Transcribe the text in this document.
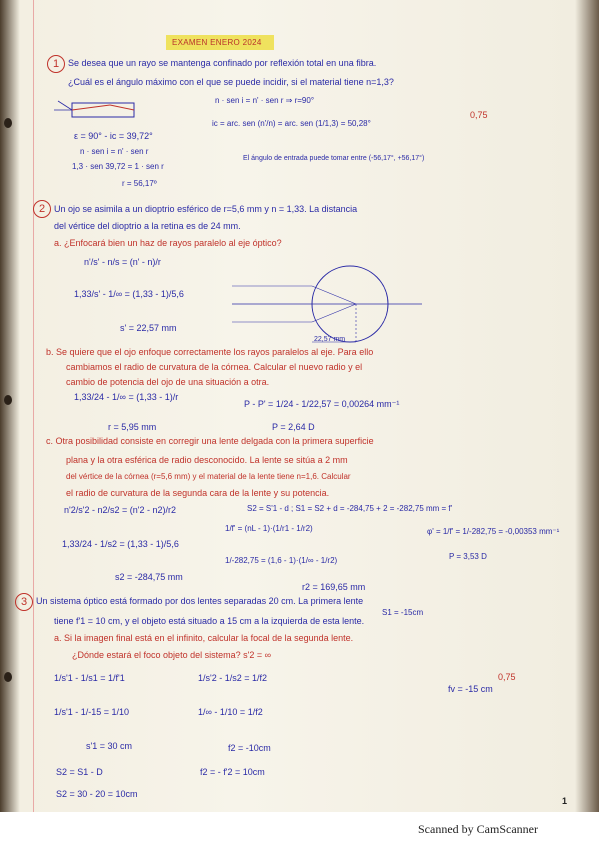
EXAMEN ENERO 2024
1 Se desea que un rayo se mantenga confinado por reflexión total en una fibra.
¿Cuál es el ángulo máximo con el que se puede incidir, si el material tiene n=1,3?
n · sen i = n' · sen r ⇒ r=90°
ic = arc. sen (n'/n) = arc. sen (1/1,3) = 50,28°
0,75
ε = 90° - ic = 39,72°
n · sen i = n' · sen r
1,3 · sen 39,72 = 1 · sen r
r = 56,17º
El ángulo de entrada puede tomar entre (-56,17°, +56,17°)
2 Un ojo se asimila a un dioptrio esférico de r=5,6 mm y n = 1,33. La distancia
del vértice del dioptrio a la retina es de 24 mm.
a. ¿Enfocará bien un haz de rayos paralelo al eje óptico?
n'/s' - n/s = (n' - n)/r
1,33/s' - 1/∞ = (1,33 - 1)/5,6
s' = 22,57 mm
22,57 mm
b. Se quiere que el ojo enfoque correctamente los rayos paralelos al eje. Para ello
cambiamos el radio de curvatura de la córnea. Calcular el nuevo radio y el
cambio de potencia del ojo de una situación a otra.
1,33/24 - 1/∞ = (1,33 - 1)/r
P - P' = 1/24 - 1/22,57 = 0,00264 mm⁻¹
r = 5,95 mm	P = 2,64 D
c. Otra posibilidad consiste en corregir una lente delgada con la primera superficie
plana y la otra esférica de radio desconocido. La lente se sitúa a 2 mm
del vértice de la córnea (r=5,6 mm) y el material de la lente tiene n=1,6. Calcular
el radio de curvatura de la segunda cara de la lente y su potencia.
n'2/s'2 - n2/s2 = (n'2 - n2)/r2	S2 = S'1 - d ; S1 = S2 + d = -284,75 + 2 = -282,75 mm = f'
1/f' = (nL - 1)·(1/r1 - 1/r2)	φ' = 1/f' = 1/-282,75 = -0,00353 mm⁻¹
1,33/24 - 1/s2 = (1,33 - 1)/5,6
1/-282,75 = (1,6 - 1)·(1/∞ - 1/r2)	P = 3,53 D
s2 = -284,75 mm
r2 = 169,65 mm
3 Un sistema óptico está formado por dos lentes separadas 20 cm. La primera lente
S1 = -15cm
tiene f'1 = 10 cm, y el objeto está situado a 15 cm a la izquierda de esta lente.
a. Si la imagen final está en el infinito, calcular la focal de la segunda lente.
¿Dónde estará el foco objeto del sistema? s'2 = ∞
0,75
1/s'1 - 1/s1 = 1/f'1	1/s'2 - 1/s2 = 1/f2
fv = -15 cm
1/s'1 - 1/-15 = 1/10	1/∞ - 1/10 = 1/f2
s'1 = 30 cm	f2 = -10cm
S2 = S1 - D	f2 = - f'2 = 10cm
S2 = 30 - 20 = 10cm
1
Scanned by CamScanner
